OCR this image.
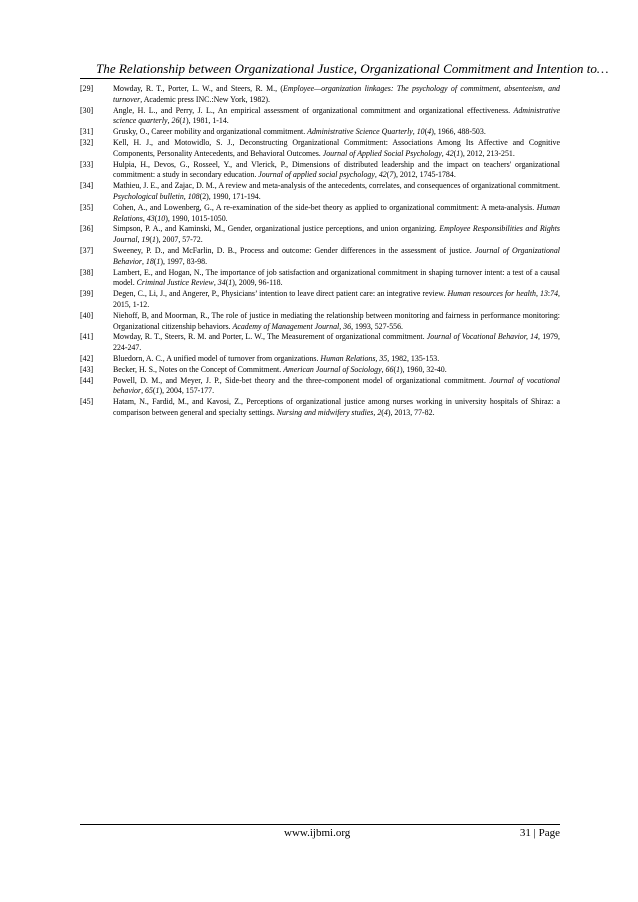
The Relationship between Organizational Justice, Organizational Commitment and Intention to…
[29]	Mowday, R. T., Porter, L. W., and Steers, R. M., (Employee—organization linkages: The psychology of commitment, absenteeism, and turnover, Academic press INC.:New York, 1982).
[30]	Angle, H. L., and Perry, J. L., An empirical assessment of organizational commitment and organizational effectiveness. Administrative science quarterly, 26(1), 1981, 1-14.
[31]	Grusky, O., Career mobility and organizational commitment. Administrative Science Quarterly, 10(4), 1966, 488-503.
[32]	Kell, H. J., and Motowidlo, S. J., Deconstructing Organizational Commitment: Associations Among Its Affective and Cognitive Components, Personality Antecedents, and Behavioral Outcomes. Journal of Applied Social Psychology, 42(1), 2012, 213-251.
[33]	Hulpia, H., Devos, G., Rosseel, Y., and Vlerick, P., Dimensions of distributed leadership and the impact on teachers' organizational commitment: a study in secondary education. Journal of applied social psychology, 42(7), 2012, 1745-1784.
[34]	Mathieu, J. E., and Zajac, D. M., A review and meta-analysis of the antecedents, correlates, and consequences of organizational commitment. Psychological bulletin, 108(2), 1990, 171-194.
[35]	Cohen, A., and Lowenberg, G., A re-examination of the side-bet theory as applied to organizational commitment: A meta-analysis. Human Relations, 43(10), 1990, 1015-1050.
[36]	Simpson, P. A., and Kaminski, M., Gender, organizational justice perceptions, and union organizing. Employee Responsibilities and Rights Journal, 19(1), 2007, 57-72.
[37]	Sweeney, P. D., and McFarlin, D. B., Process and outcome: Gender differences in the assessment of justice. Journal of Organizational Behavior, 18(1), 1997, 83-98.
[38]	Lambert, E., and Hogan, N., The importance of job satisfaction and organizational commitment in shaping turnover intent: a test of a causal model. Criminal Justice Review, 34(1), 2009, 96-118.
[39]	Degen, C., Li, J., and Angerer, P., Physicians’ intention to leave direct patient care: an integrative review. Human resources for health, 13:74, 2015, 1-12.
[40]	Niehoff, B, and Moorman, R., The role of justice in mediating the relationship between monitoring and fairness in performance monitoring: Organizational citizenship behaviors. Academy of Management Journal, 36, 1993, 527-556.
[41]	Mowday, R. T., Steers, R. M. and Porter, L. W., The Measurement of organizational commitment. Journal of Vocational Behavior, 14, 1979, 224-247.
[42]	Bluedorn, A. C., A unified model of turnover from organizations. Human Relations, 35, 1982, 135-153.
[43]	Becker, H. S., Notes on the Concept of Commitment. American Journal of Sociology, 66(1), 1960, 32-40.
[44]	Powell, D. M., and Meyer, J. P., Side-bet theory and the three-component model of organizational commitment. Journal of vocational behavior, 65(1), 2004, 157-177.
[45]	Hatam, N., Fardid, M., and Kavosi, Z., Perceptions of organizational justice among nurses working in university hospitals of Shiraz: a comparison between general and specialty settings. Nursing and midwifery studies, 2(4), 2013, 77-82.
www.ijbmi.org	31 | Page
